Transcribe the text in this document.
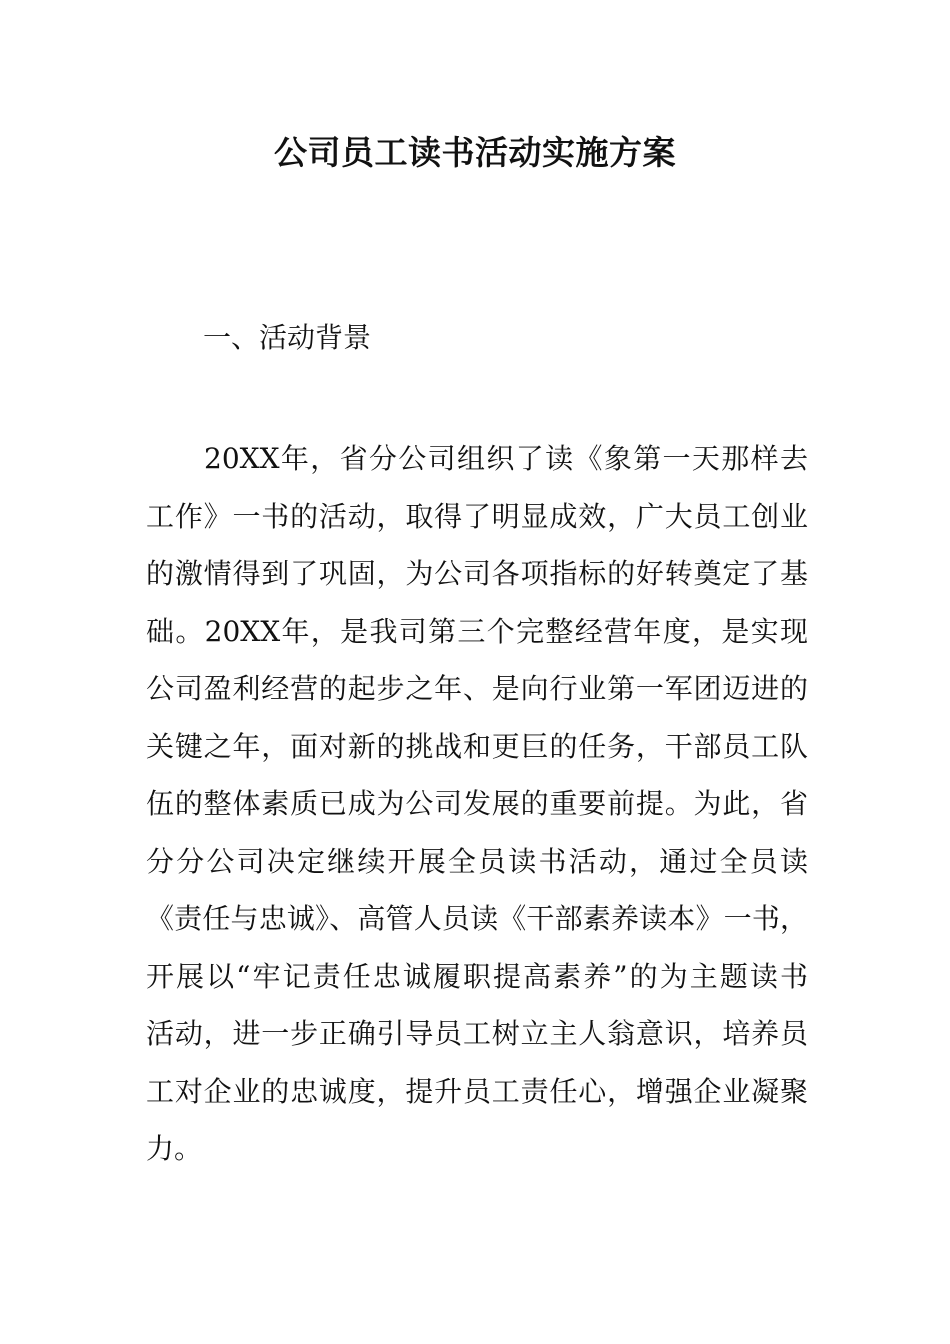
公司员工读书活动实施方案
一、活动背景

20XX年，省分公司组织了读《象第一天那样去
工作》一书的活动，取得了明显成效，广大员工创业
的激情得到了巩固，为公司各项指标的好转奠定了基
础。20XX年，是我司第三个完整经营年度，是实现
公司盈利经营的起步之年、是向行业第一军团迈进的
关键之年，面对新的挑战和更巨的任务，干部员工队
伍的整体素质已成为公司发展的重要前提。为此，省
分分公司决定继续开展全员读书活动，通过全员读
《责任与忠诚》、高管人员读《干部素养读本》一书，
开展以“牢记责任忠诚履职提高素养”的为主题读书
活动，进一步正确引导员工树立主人翁意识，培养员
工对企业的忠诚度，提升员工责任心，增强企业凝聚
力。
